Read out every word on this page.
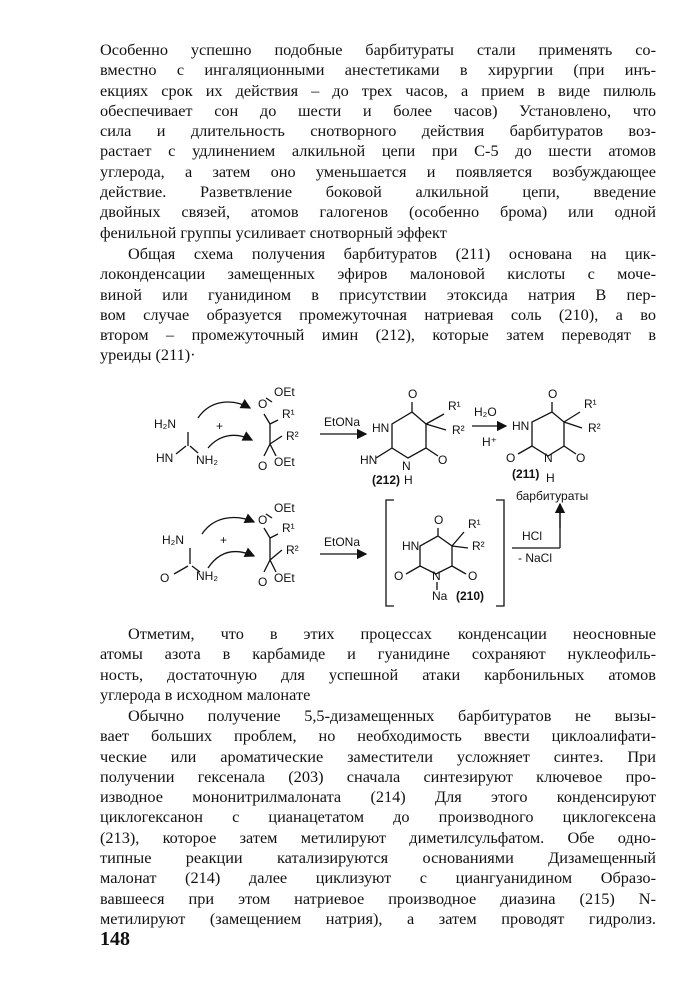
Особенно успешно подобные барбитураты стали применять со-
вместно с ингаляционными анестетиками в хирургии (при инъ-
екциях срок их действия – до трех часов, а прием в виде пилюль
обеспечивает сон до шести и более часов) Установлено, что
сила и длительность снотворного действия барбитуратов воз-
растает с удлинением алкильной цепи при С-5 до шести атомов
углерода, а затем оно уменьшается и появляется возбуждающее
действие. Разветвление боковой алкильной цепи, введение
двойных связей, атомов галогенов (особенно брома) или одной
фенильной группы усиливает снотворный эффект
Общая схема получения барбитуратов (211) основана на цик-
локонденсации замещенных эфиров малоновой кислоты с моче-
виной или гуанидином в присутствии этоксида натрия В пер-
вом случае образуется промежуточная натриевая соль (210), а во
втором – промежуточный имин (212), которые затем переводят в
уреиды (211)·
H₂N
HN NH₂
+
O
OEt
R¹
R²
O OEt
EtONa
O
R¹
R²
HN
HN N
H
O
(212)
H₂O
H⁺
O
R¹
R²
HN
O N
H
O
(211)
барбитураты
H₂N
O NH₂
+
O
OEt
R¹
R²
O OEt
EtONa
O R¹
R²
HN
O N
Na (210)
O
HCl
- NaCl
Отметим, что в этих процессах конденсации неосновные
атомы азота в карбамиде и гуанидине сохраняют нуклеофиль-
ность, достаточную для успешной атаки карбонильных атомов
углерода в исходном малонате
Обычно получение 5,5-дизамещенных барбитуратов не вызы-
вает больших проблем, но необходимость ввести циклоалифати-
ческие или ароматические заместители усложняет синтез. При
получении гексенала (203) сначала синтезируют ключевое про-
изводное мононитрилмалоната (214) Для этого конденсируют
циклогексанон с цианацетатом до производного циклогексена
(213), которое затем метилируют диметилсульфатом. Обе одно-
типные реакции катализируются основаниями Дизамещенный
малонат (214) далее циклизуют с циангуанидином Образо-
вавшееся при этом натриевое производное диазина (215) N-
метилируют (замещением натрия), а затем проводят гидролиз.
148
